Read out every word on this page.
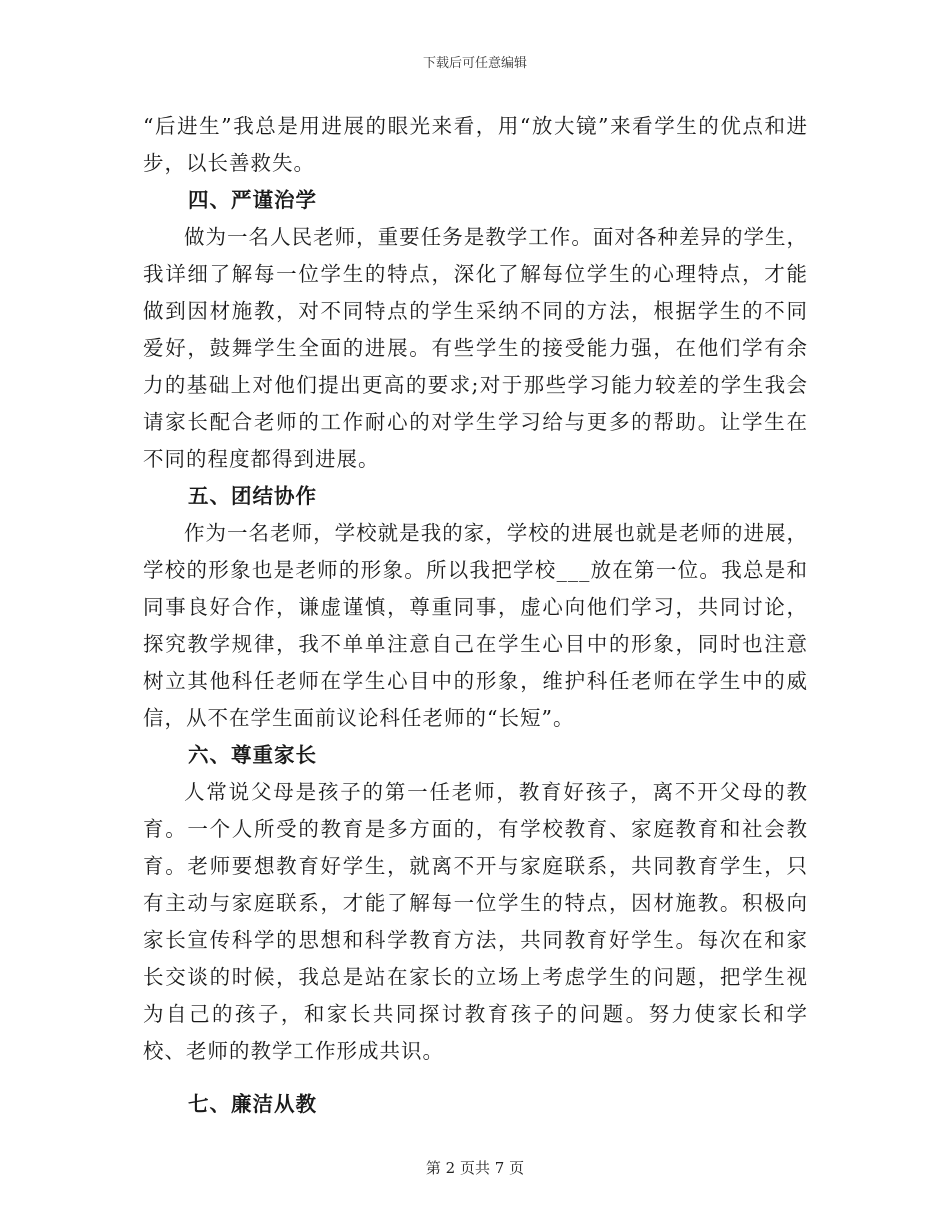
下载后可任意编辑

“后进生”我总是用进展的眼光来看，用“放大镜”来看学生的优点和进步，以长善救失。

四、严谨治学

做为一名人民老师，重要任务是教学工作。面对各种差异的学生，我详细了解每一位学生的特点，深化了解每位学生的心理特点，才能做到因材施教，对不同特点的学生采纳不同的方法，根据学生的不同爱好，鼓舞学生全面的进展。有些学生的接受能力强，在他们学有余力的基础上对他们提出更高的要求;对于那些学习能力较差的学生我会请家长配合老师的工作耐心的对学生学习给与更多的帮助。让学生在不同的程度都得到进展。

五、团结协作

作为一名老师，学校就是我的家，学校的进展也就是老师的进展，学校的形象也是老师的形象。所以我把学校___放在第一位。我总是和同事良好合作，谦虚谨慎，尊重同事，虚心向他们学习，共同讨论，探究教学规律，我不单单注意自己在学生心目中的形象，同时也注意树立其他科任老师在学生心目中的形象，维护科任老师在学生中的威信，从不在学生面前议论科任老师的“长短”。

六、尊重家长

人常说父母是孩子的第一任老师，教育好孩子，离不开父母的教育。一个人所受的教育是多方面的，有学校教育、家庭教育和社会教育。老师要想教育好学生，就离不开与家庭联系，共同教育学生，只有主动与家庭联系，才能了解每一位学生的特点，因材施教。积极向家长宣传科学的思想和科学教育方法，共同教育好学生。每次在和家长交谈的时候，我总是站在家长的立场上考虑学生的问题，把学生视为自己的孩子，和家长共同探讨教育孩子的问题。努力使家长和学校、老师的教学工作形成共识。

七、廉洁从教
第 2 页共 7 页
